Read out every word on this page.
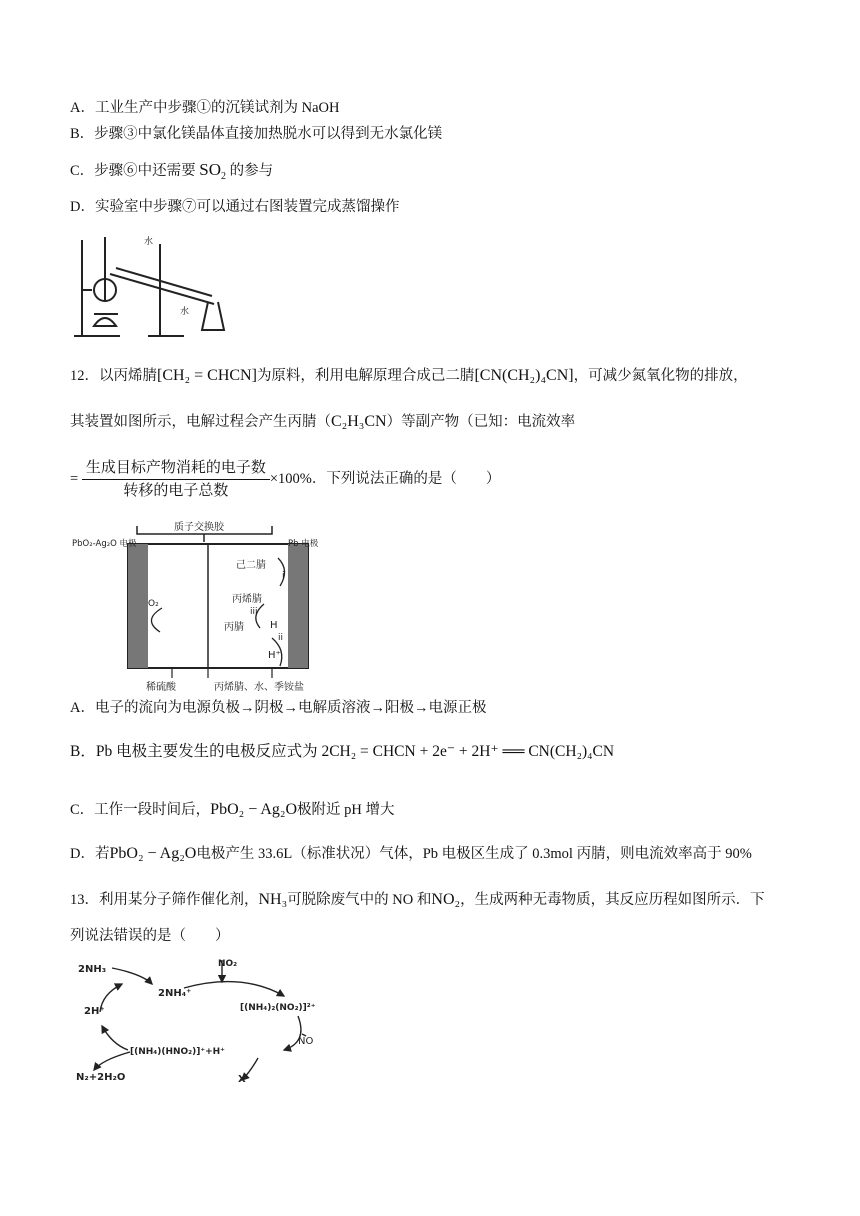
A．工业生产中步骤①的沉镁试剂为 NaOH
B．步骤③中氯化镁晶体直接加热脱水可以得到无水氯化镁
C．步骤⑥中还需要 $SO_2$ 的参与
D．实验室中步骤⑦可以通过右图装置完成蒸馏操作
水
水
12．以丙烯腈[CH₂ = CHCN]为原料，利用电解原理合成己二腈[CN(CH₂)₄CN]，可减少氮氧化物的排放，
其装置如图所示，电解过程会产生丙腈（C₂H₃CN）等副产物（已知：电流效率
= $\frac{\text{生成目标产物消耗的电子数}}{\text{转移的电子总数}} \times 100\%$．下列说法正确的是（　　）
PbO₂-Ag₂O 电极
质子交换胶
Pb 电极
O₂
己二腈
丙烯腈
丙腈	H
H⁺
i
ii
iii
稀硫酸	丙烯腈、水、季铵盐
A．电子的流向为电源负极→阴极→电解质溶液→阳极→电源正极
B．Pb 电极主要发生的电极反应式为 2CH₂ = CHCN + 2e⁻ + 2H⁺ ══ CN(CH₂)₄CN
C．工作一段时间后，PbO₂ − Ag₂O极附近 pH 增大
D．若PbO₂ − Ag₂O电极产生 33.6L（标准状况）气体，Pb 电极区生成了 0.3mol 丙腈，则电流效率高于 90%
13．利用某分子筛作催化剂，NH₃可脱除废气中的 NO 和NO₂，生成两种无毒物质，其反应历程如图所示．下
列说法错误的是（　　）
2NH₃	NO₂
2NH₄⁺
[(NH₄)₂(NO₂)]²⁺
2H⁺
NO
[(NH₄)(HNO₂)]⁺+H⁺
N₂+2H₂O	X
